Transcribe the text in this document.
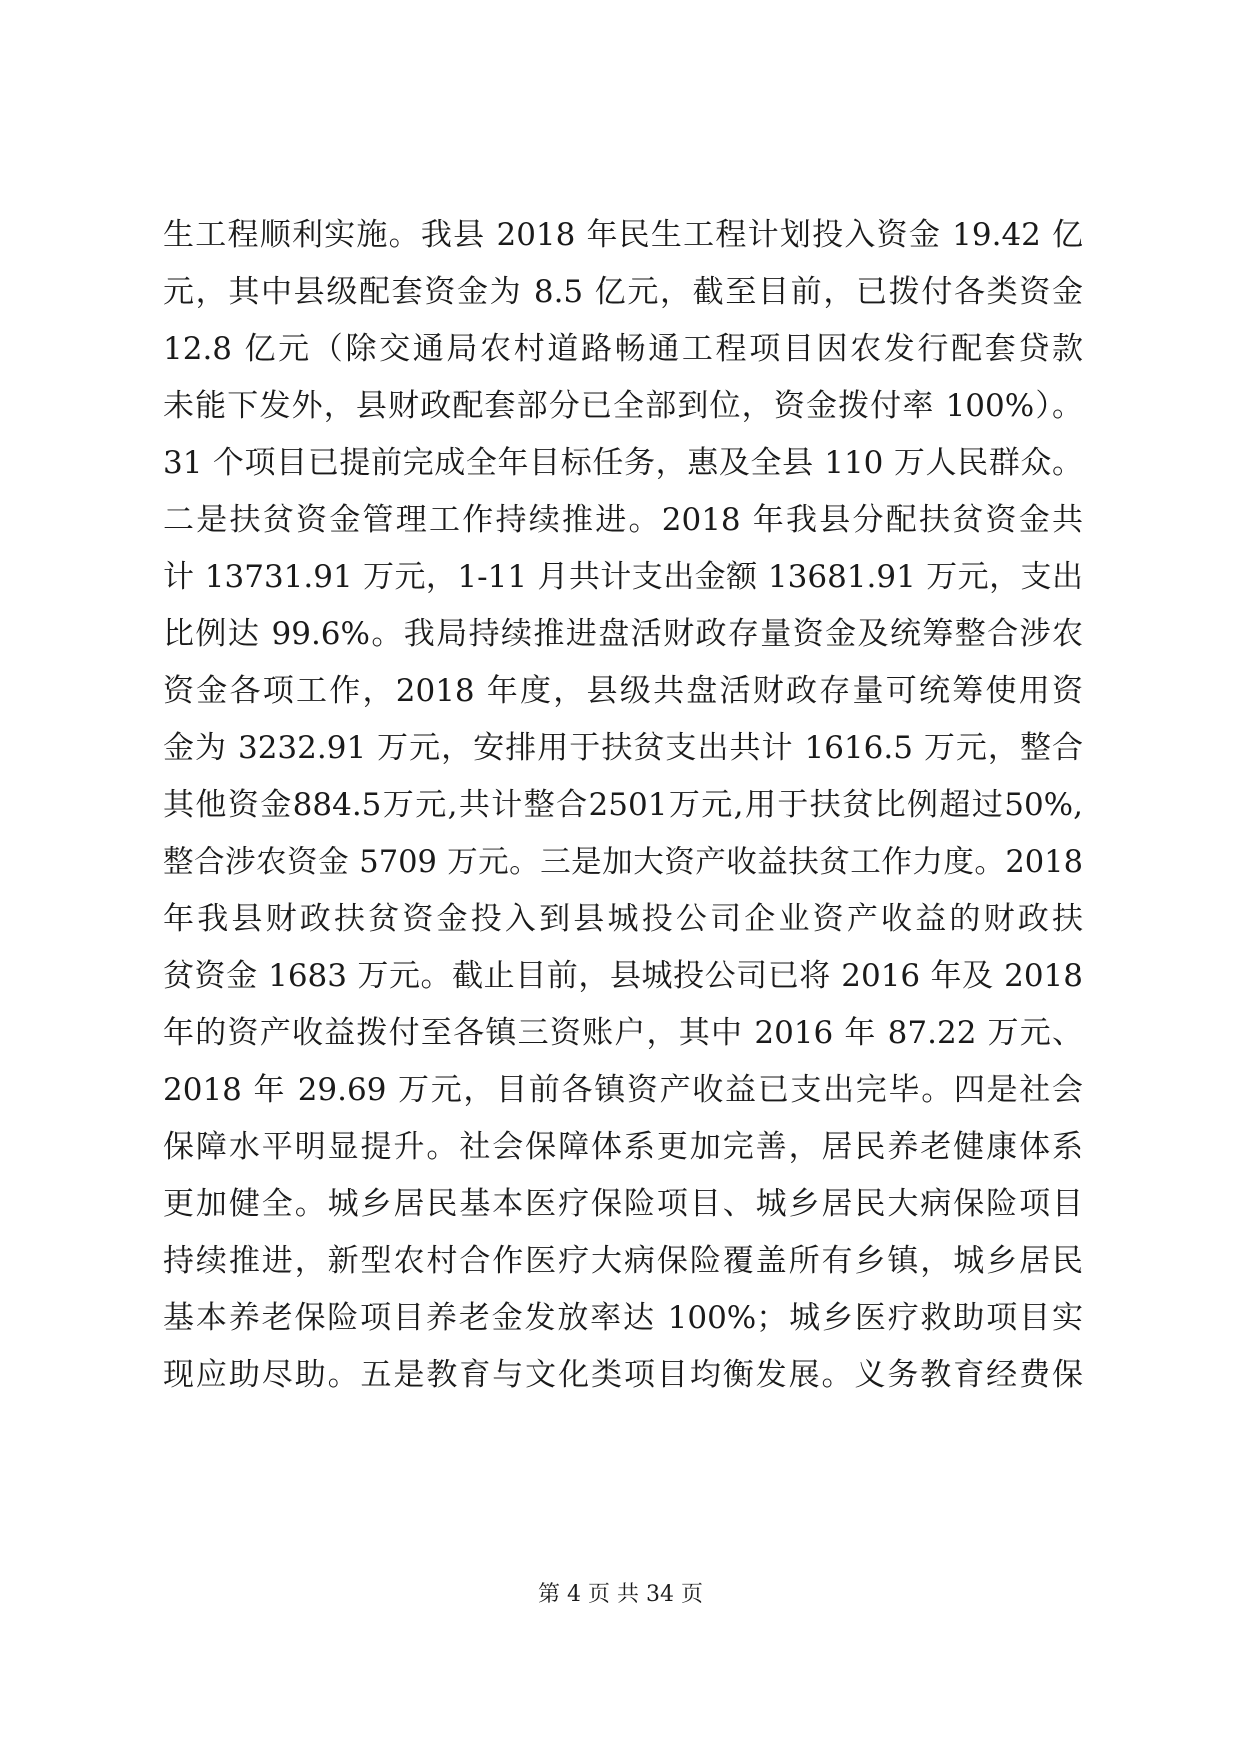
生工程顺利实施。我县 2018 年民生工程计划投入资金 19.42 亿
元，其中县级配套资金为 8.5 亿元，截至目前，已拨付各类资金
12.8 亿元（除交通局农村道路畅通工程项目因农发行配套贷款
未能下发外，县财政配套部分已全部到位，资金拨付率 100%）。
31 个项目已提前完成全年目标任务，惠及全县 110 万人民群众。
二是扶贫资金管理工作持续推进。2018 年我县分配扶贫资金共
计 13731.91 万元，1-11 月共计支出金额 13681.91 万元，支出
比例达 99.6%。我局持续推进盘活财政存量资金及统筹整合涉农
资金各项工作，2018 年度，县级共盘活财政存量可统筹使用资
金为 3232.91 万元，安排用于扶贫支出共计 1616.5 万元，整合
其他资金884.5万元,共计整合2501万元,用于扶贫比例超过50%,
整合涉农资金 5709 万元。三是加大资产收益扶贫工作力度。2018
年我县财政扶贫资金投入到县城投公司企业资产收益的财政扶
贫资金 1683 万元。截止目前，县城投公司已将 2016 年及 2018
年的资产收益拨付至各镇三资账户，其中 2016 年 87.22 万元、
2018 年 29.69 万元，目前各镇资产收益已支出完毕。四是社会
保障水平明显提升。社会保障体系更加完善，居民养老健康体系
更加健全。城乡居民基本医疗保险项目、城乡居民大病保险项目
持续推进，新型农村合作医疗大病保险覆盖所有乡镇，城乡居民
基本养老保险项目养老金发放率达 100%；城乡医疗救助项目实
现应助尽助。五是教育与文化类项目均衡发展。义务教育经费保
第 4 页 共 34 页
